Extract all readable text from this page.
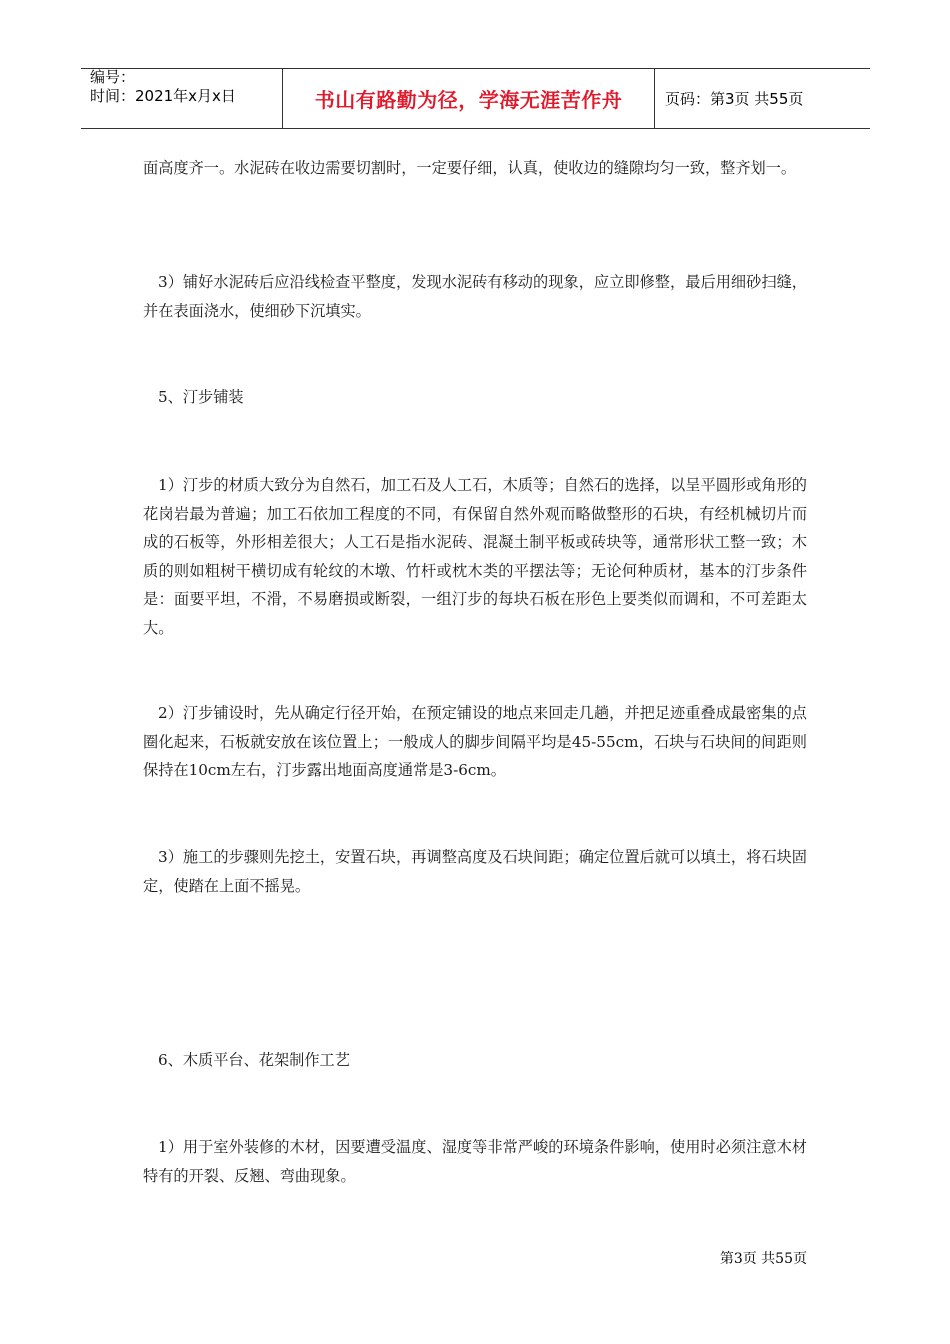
编号：
时间：2021年x月x日	书山有路勤为径，学海无涯苦作舟	页码：第3页 共55页

面高度齐一。水泥砖在收边需要切割时，一定要仔细，认真，使收边的缝隙均匀一致，整齐划一。

3）铺好水泥砖后应沿线检查平整度，发现水泥砖有移动的现象，应立即修整，最后用细砂扫缝，并在表面浇水，使细砂下沉填实。

5、汀步铺装

1）汀步的材质大致分为自然石，加工石及人工石，木质等；自然石的选择，以呈平圆形或角形的花岗岩最为普遍；加工石依加工程度的不同，有保留自然外观而略做整形的石块，有经机械切片而成的石板等，外形相差很大；人工石是指水泥砖、混凝土制平板或砖块等，通常形状工整一致；木质的则如粗树干横切成有轮纹的木墩、竹杆或枕木类的平摆法等；无论何种质材，基本的汀步条件是：面要平坦，不滑，不易磨损或断裂，一组汀步的每块石板在形色上要类似而调和，不可差距太大。

2）汀步铺设时，先从确定行径开始，在预定铺设的地点来回走几趟，并把足迹重叠成最密集的点圈化起来，石板就安放在该位置上；一般成人的脚步间隔平均是45-55cm，石块与石块间的间距则保持在10cm左右，汀步露出地面高度通常是3-6cm。

3）施工的步骤则先挖土，安置石块，再调整高度及石块间距；确定位置后就可以填土，将石块固定，使踏在上面不摇晃。

6、木质平台、花架制作工艺

1）用于室外装修的木材，因要遭受温度、湿度等非常严峻的环境条件影响，使用时必须注意木材特有的开裂、反翘、弯曲现象。

第3页 共55页
